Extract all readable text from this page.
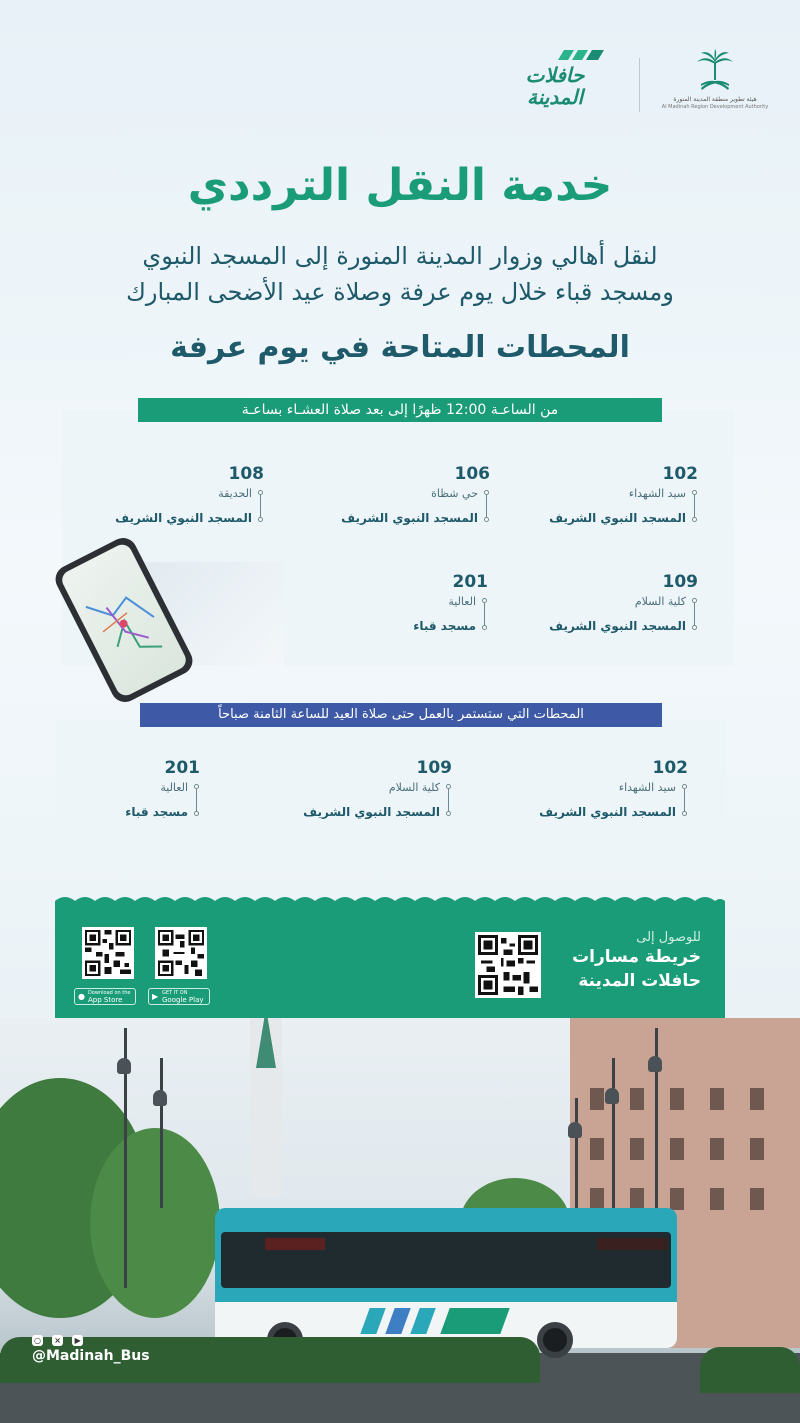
هيئة تطوير منطقة المدينة المنورة
Al Madinah Region Development Authority
حافلات
المدينة
خدمة النقل الترددي
لنقل أهالي وزوار المدينة المنورة إلى المسجد النبوي
ومسجد قباء خلال يوم عرفة وصلاة عيد الأضحى المبارك
المحطات المتاحة في يوم عرفة
من الساعـة 12:00 ظهرًا إلى بعد صلاة العشـاء بساعـة
102
سيد الشهداء
المسجد النبوي الشريف
106
حي شظاة
المسجد النبوي الشريف
108
الحديقة
المسجد النبوي الشريف
109
كلية السلام
المسجد النبوي الشريف
201
العالية
مسجد قباء
المحطات التي ستستمر بالعمل حتى صلاة العيد للساعة الثامنة صباحاً
102
سيد الشهداء
المسجد النبوي الشريف
109
كلية السلام
المسجد النبوي الشريف
201
العالية
مسجد قباء
● Download on the
App Store	▶ GET IT ON
Google Play
للوصول إلى
خريطة مسارات
حافلات المدينة
○ × ▶
@Madinah_Bus
